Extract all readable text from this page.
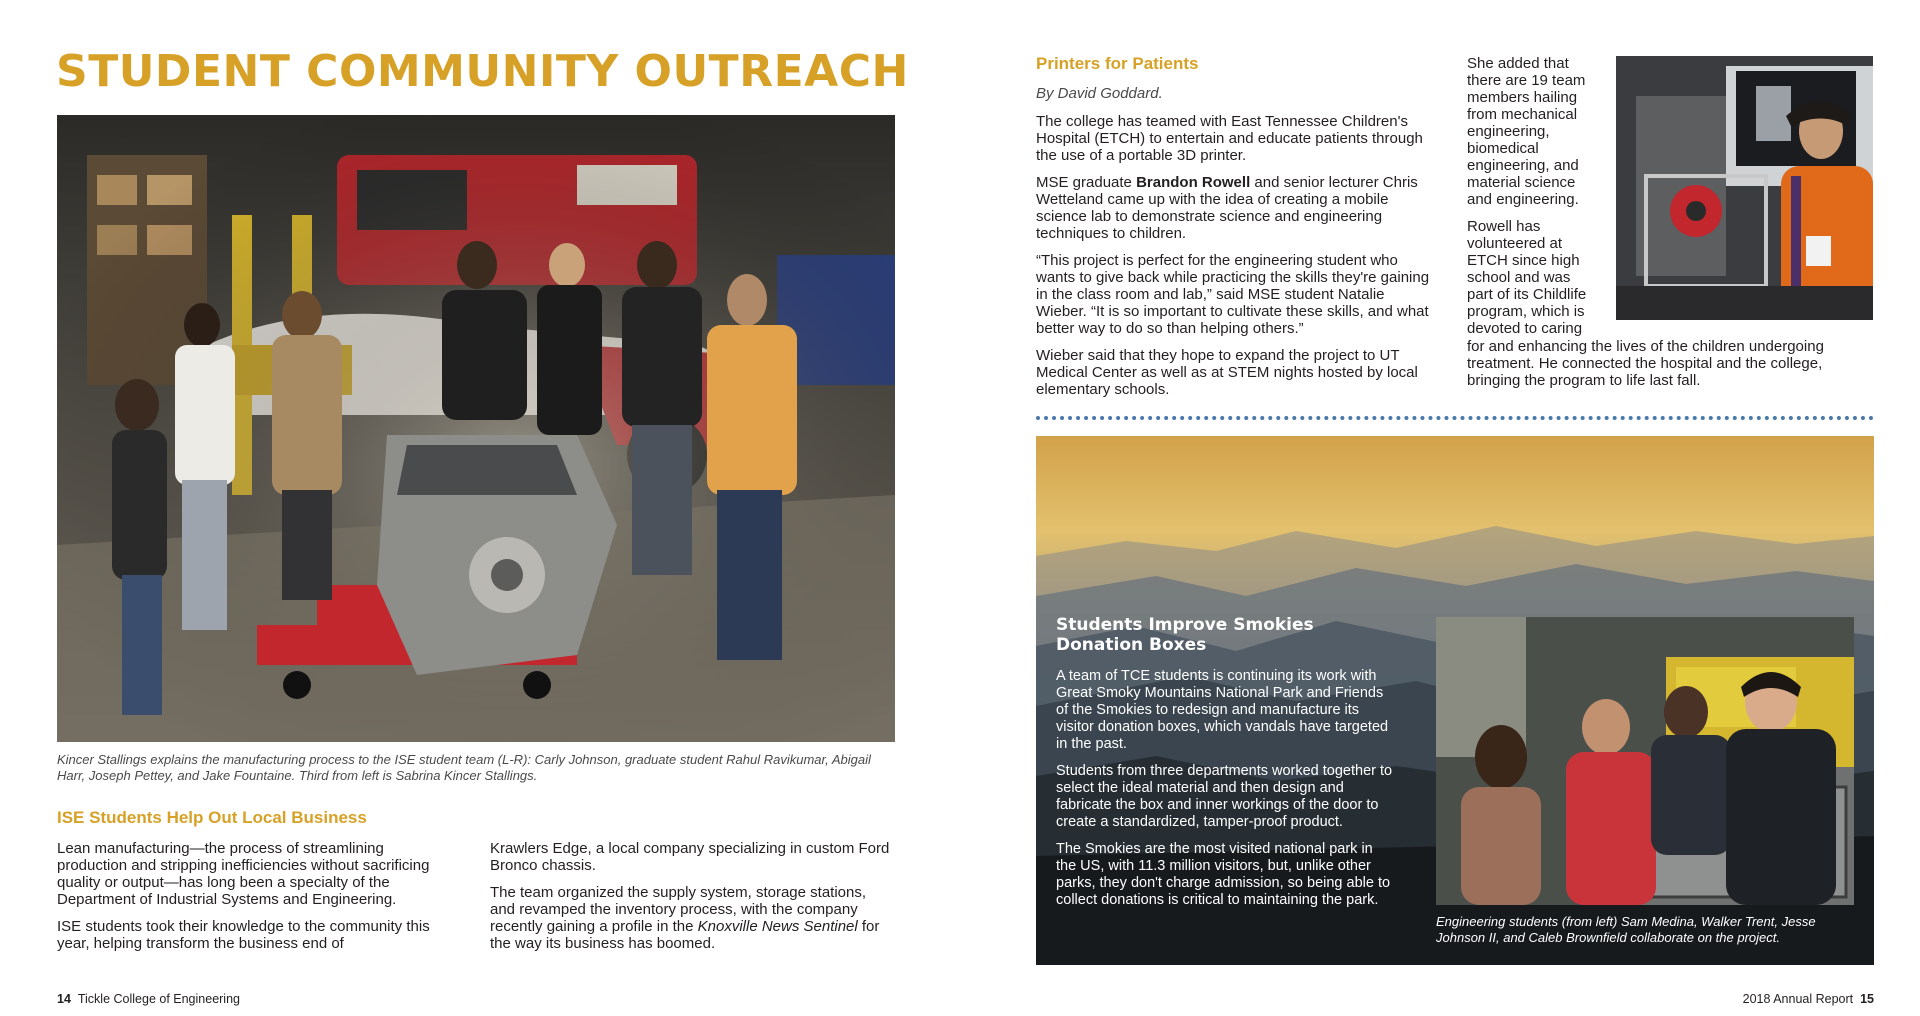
STUDENT COMMUNITY OUTREACH
Kincer Stallings explains the manufacturing process to the ISE student team (L-R): Carly Johnson, graduate student Rahul Ravikumar, Abigail Harr, Joseph Pettey, and Jake Fountaine. Third from left is Sabrina Kincer Stallings.
ISE Students Help Out Local Business

Lean manufacturing—the process of streamlining production and stripping inefficiencies without sacrificing quality or output—has long been a specialty of the Department of Industrial Systems and Engineering.

ISE students took their knowledge to the community this year, helping transform the business end of

Krawlers Edge, a local company specializing in custom Ford Bronco chassis.

The team organized the supply system, storage stations, and revamped the inventory process, with the company recently gaining a profile in the Knoxville News Sentinel for the way its business has boomed.

14 Tickle College of Engineering
Printers for Patients
By David Goddard.

The college has teamed with East Tennessee Children's Hospital (ETCH) to entertain and educate patients through the use of a portable 3D printer.

MSE graduate Brandon Rowell and senior lecturer Chris Wetteland came up with the idea of creating a mobile science lab to demonstrate science and engineering techniques to children.

“This project is perfect for the engineering student who wants to give back while practicing the skills they're gaining in the class room and lab,” said MSE student Natalie Wieber. “It is so important to cultivate these skills, and what better way to do so than helping others.”

Wieber said that they hope to expand the project to UT Medical Center as well as at STEM nights hosted by local elementary schools.

She added that there are 19 team members hailing from mechanical engineering, biomedical engineering, and material science and engineering.

Rowell has volunteered at ETCH since high school and was part of its Childlife program, which is devoted to caring

for and enhancing the lives of the children undergoing treatment. He connected the hospital and the college, bringing the program to life last fall.

Students Improve Smokies Donation Boxes

A team of TCE students is continuing its work with Great Smoky Mountains National Park and Friends of the Smokies to redesign and manufacture its visitor donation boxes, which vandals have targeted in the past.

Students from three departments worked together to select the ideal material and then design and fabricate the box and inner workings of the door to create a standardized, tamper-proof product.

The Smokies are the most visited national park in the US, with 11.3 million visitors, but, unlike other parks, they don't charge admission, so being able to collect donations is critical to maintaining the park.

Engineering students (from left) Sam Medina, Walker Trent, Jesse Johnson II, and Caleb Brownfield collaborate on the project.
2018 Annual Report 15
